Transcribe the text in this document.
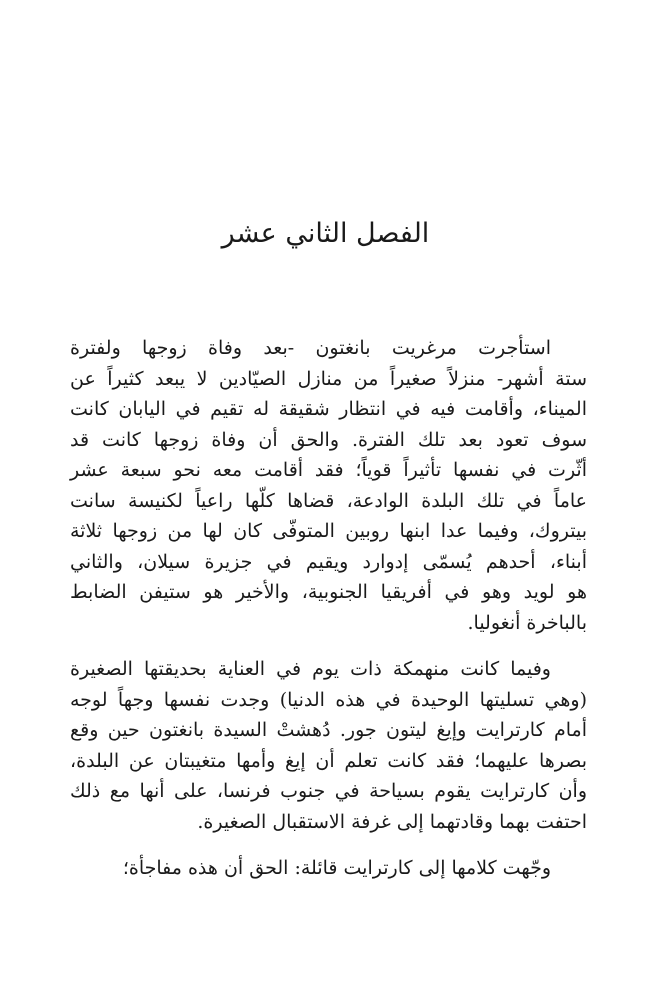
الفصل الثاني عشر

استأجرت مرغريت بانغتون -بعد وفاة زوجها ولفترة
ستة أشهر- منزلاً صغيراً من منازل الصيّادين لا يبعد كثيراً عن
الميناء، وأقامت فيه في انتظار شقيقة له تقيم في اليابان كانت
سوف تعود بعد تلك الفترة. والحق أن وفاة زوجها كانت قد
أثّرت في نفسها تأثيراً قوياً؛ فقد أقامت معه نحو سبعة عشر
عاماً في تلك البلدة الوادعة، قضاها كلّها راعياً لكنيسة سانت
بيتروك، وفيما عدا ابنها روبين المتوفّى كان لها من زوجها ثلاثة
أبناء، أحدهم يُسمّى إدوارد ويقيم في جزيرة سيلان، والثاني
هو لويد وهو في أفريقيا الجنوبية، والأخير هو ستيفن الضابط
بالباخرة أنغوليا.

وفيما كانت منهمكة ذات يوم في العناية بحديقتها الصغيرة
(وهي تسليتها الوحيدة في هذه الدنيا) وجدت نفسها وجهاً لوجه
أمام كارترايت وإيغ ليتون جور. دُهشتْ السيدة بانغتون حين وقع
بصرها عليهما؛ فقد كانت تعلم أن إيغ وأمها متغيبتان عن البلدة،
وأن كارترايت يقوم بسياحة في جنوب فرنسا، على أنها مع ذلك
احتفت بهما وقادتهما إلى غرفة الاستقبال الصغيرة.

وجّهت كلامها إلى كارترايت قائلة: الحق أن هذه مفاجأة؛
